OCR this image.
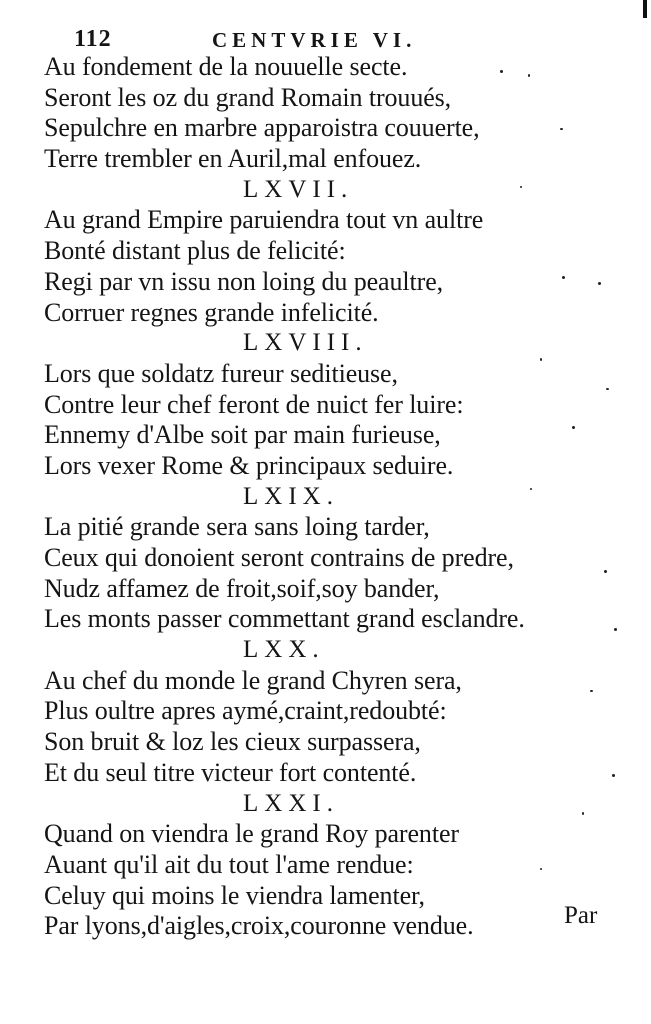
112	CENTVRIE VI.
Au fondement de la nouuelle secte.
Seront les oz du grand Romain trouués,
Sepulchre en marbre apparoistra couuerte,
Terre trembler en Auril,mal enfouez.
LXVII.
Au grand Empire paruiendra tout vn aultre
Bonté distant plus de felicité:
Regi par vn issu non loing du peaultre,
Corruer regnes grande infelicité.
LXVIII.
Lors que soldatz fureur seditieuse,
Contre leur chef feront de nuict fer luire:
Ennemy d'Albe soit par main furieuse,
Lors vexer Rome & principaux seduire.
LXIX.
La pitié grande sera sans loing tarder,
Ceux qui donoient seront contrains de predre,
Nudz affamez de froit,soif,soy bander,
Les monts passer commettant grand esclandre.
LXX.
Au chef du monde le grand Chyren sera,
Plus oultre apres aymé,craint,redoubté:
Son bruit & loz les cieux surpassera,
Et du seul titre victeur fort contenté.
LXXI.
Quand on viendra le grand Roy parenter
Auant qu'il ait du tout l'ame rendue:
Celuy qui moins le viendra lamenter,
Par lyons,d'aigles,croix,couronne vendue.	Par
